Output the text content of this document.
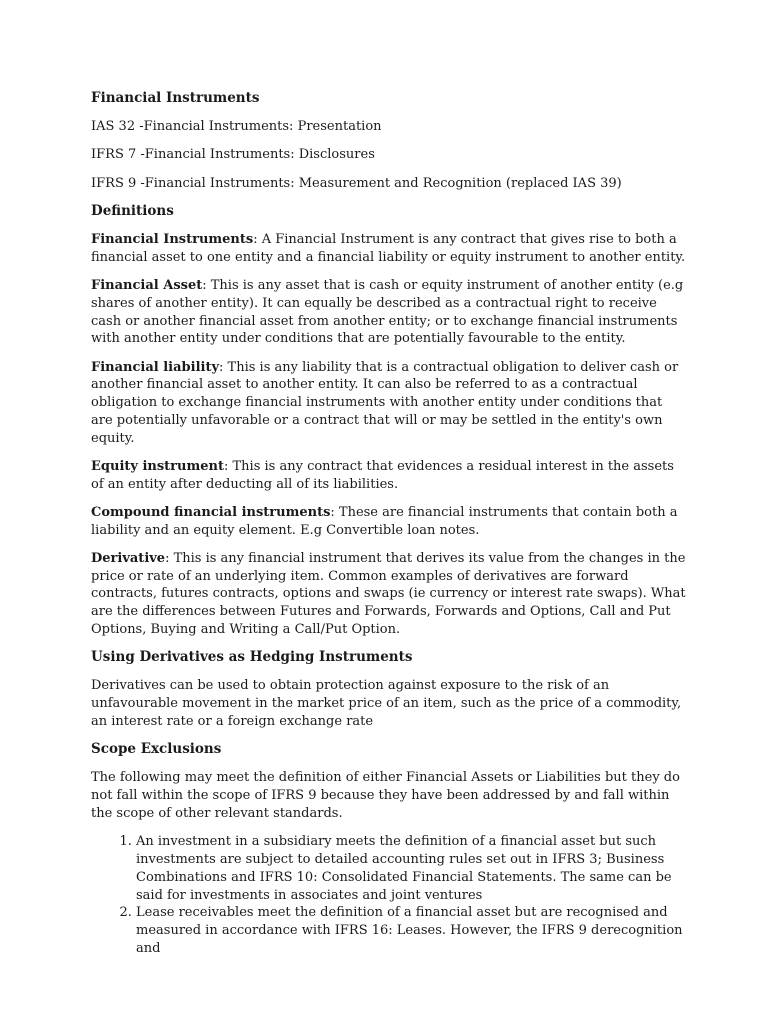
Financial Instruments

IAS 32 -Financial Instruments: Presentation

IFRS 7 -Financial Instruments: Disclosures

IFRS 9 -Financial Instruments: Measurement and Recognition (replaced IAS 39)

Definitions

Financial Instruments: A Financial Instrument is any contract that gives rise to both a financial asset to one entity and a financial liability or equity instrument to another entity.

Financial Asset: This is any asset that is cash or equity instrument of another entity (e.g shares of another entity). It can equally be described as a contractual right to receive cash or another financial asset from another entity; or to exchange financial instruments with another entity under conditions that are potentially favourable to the entity.

Financial liability: This is any liability that is a contractual obligation to deliver cash or another financial asset to another entity. It can also be referred to as a contractual obligation to exchange financial instruments with another entity under conditions that are potentially unfavorable or a contract that will or may be settled in the entity's own equity.

Equity instrument: This is any contract that evidences a residual interest in the assets of an entity after deducting all of its liabilities.

Compound financial instruments: These are financial instruments that contain both a liability and an equity element. E.g Convertible loan notes.

Derivative: This is any financial instrument that derives its value from the changes in the price or rate of an underlying item. Common examples of derivatives are forward contracts, futures contracts, options and swaps (ie currency or interest rate swaps). What are the differences between Futures and Forwards, Forwards and Options, Call and Put Options, Buying and Writing a Call/Put Option.

Using Derivatives as Hedging Instruments

Derivatives can be used to obtain protection against exposure to the risk of an unfavourable movement in the market price of an item, such as the price of a commodity, an interest rate or a foreign exchange rate

Scope Exclusions

The following may meet the definition of either Financial Assets or Liabilities but they do not fall within the scope of IFRS 9 because they have been addressed by and fall within the scope of other relevant standards.

1. An investment in a subsidiary meets the definition of a financial asset but such investments are subject to detailed accounting rules set out in IFRS 3; Business Combinations and IFRS 10: Consolidated Financial Statements. The same can be said for investments in associates and joint ventures
2. Lease receivables meet the definition of a financial asset but are recognised and measured in accordance with IFRS 16: Leases. However, the IFRS 9 derecognition and
